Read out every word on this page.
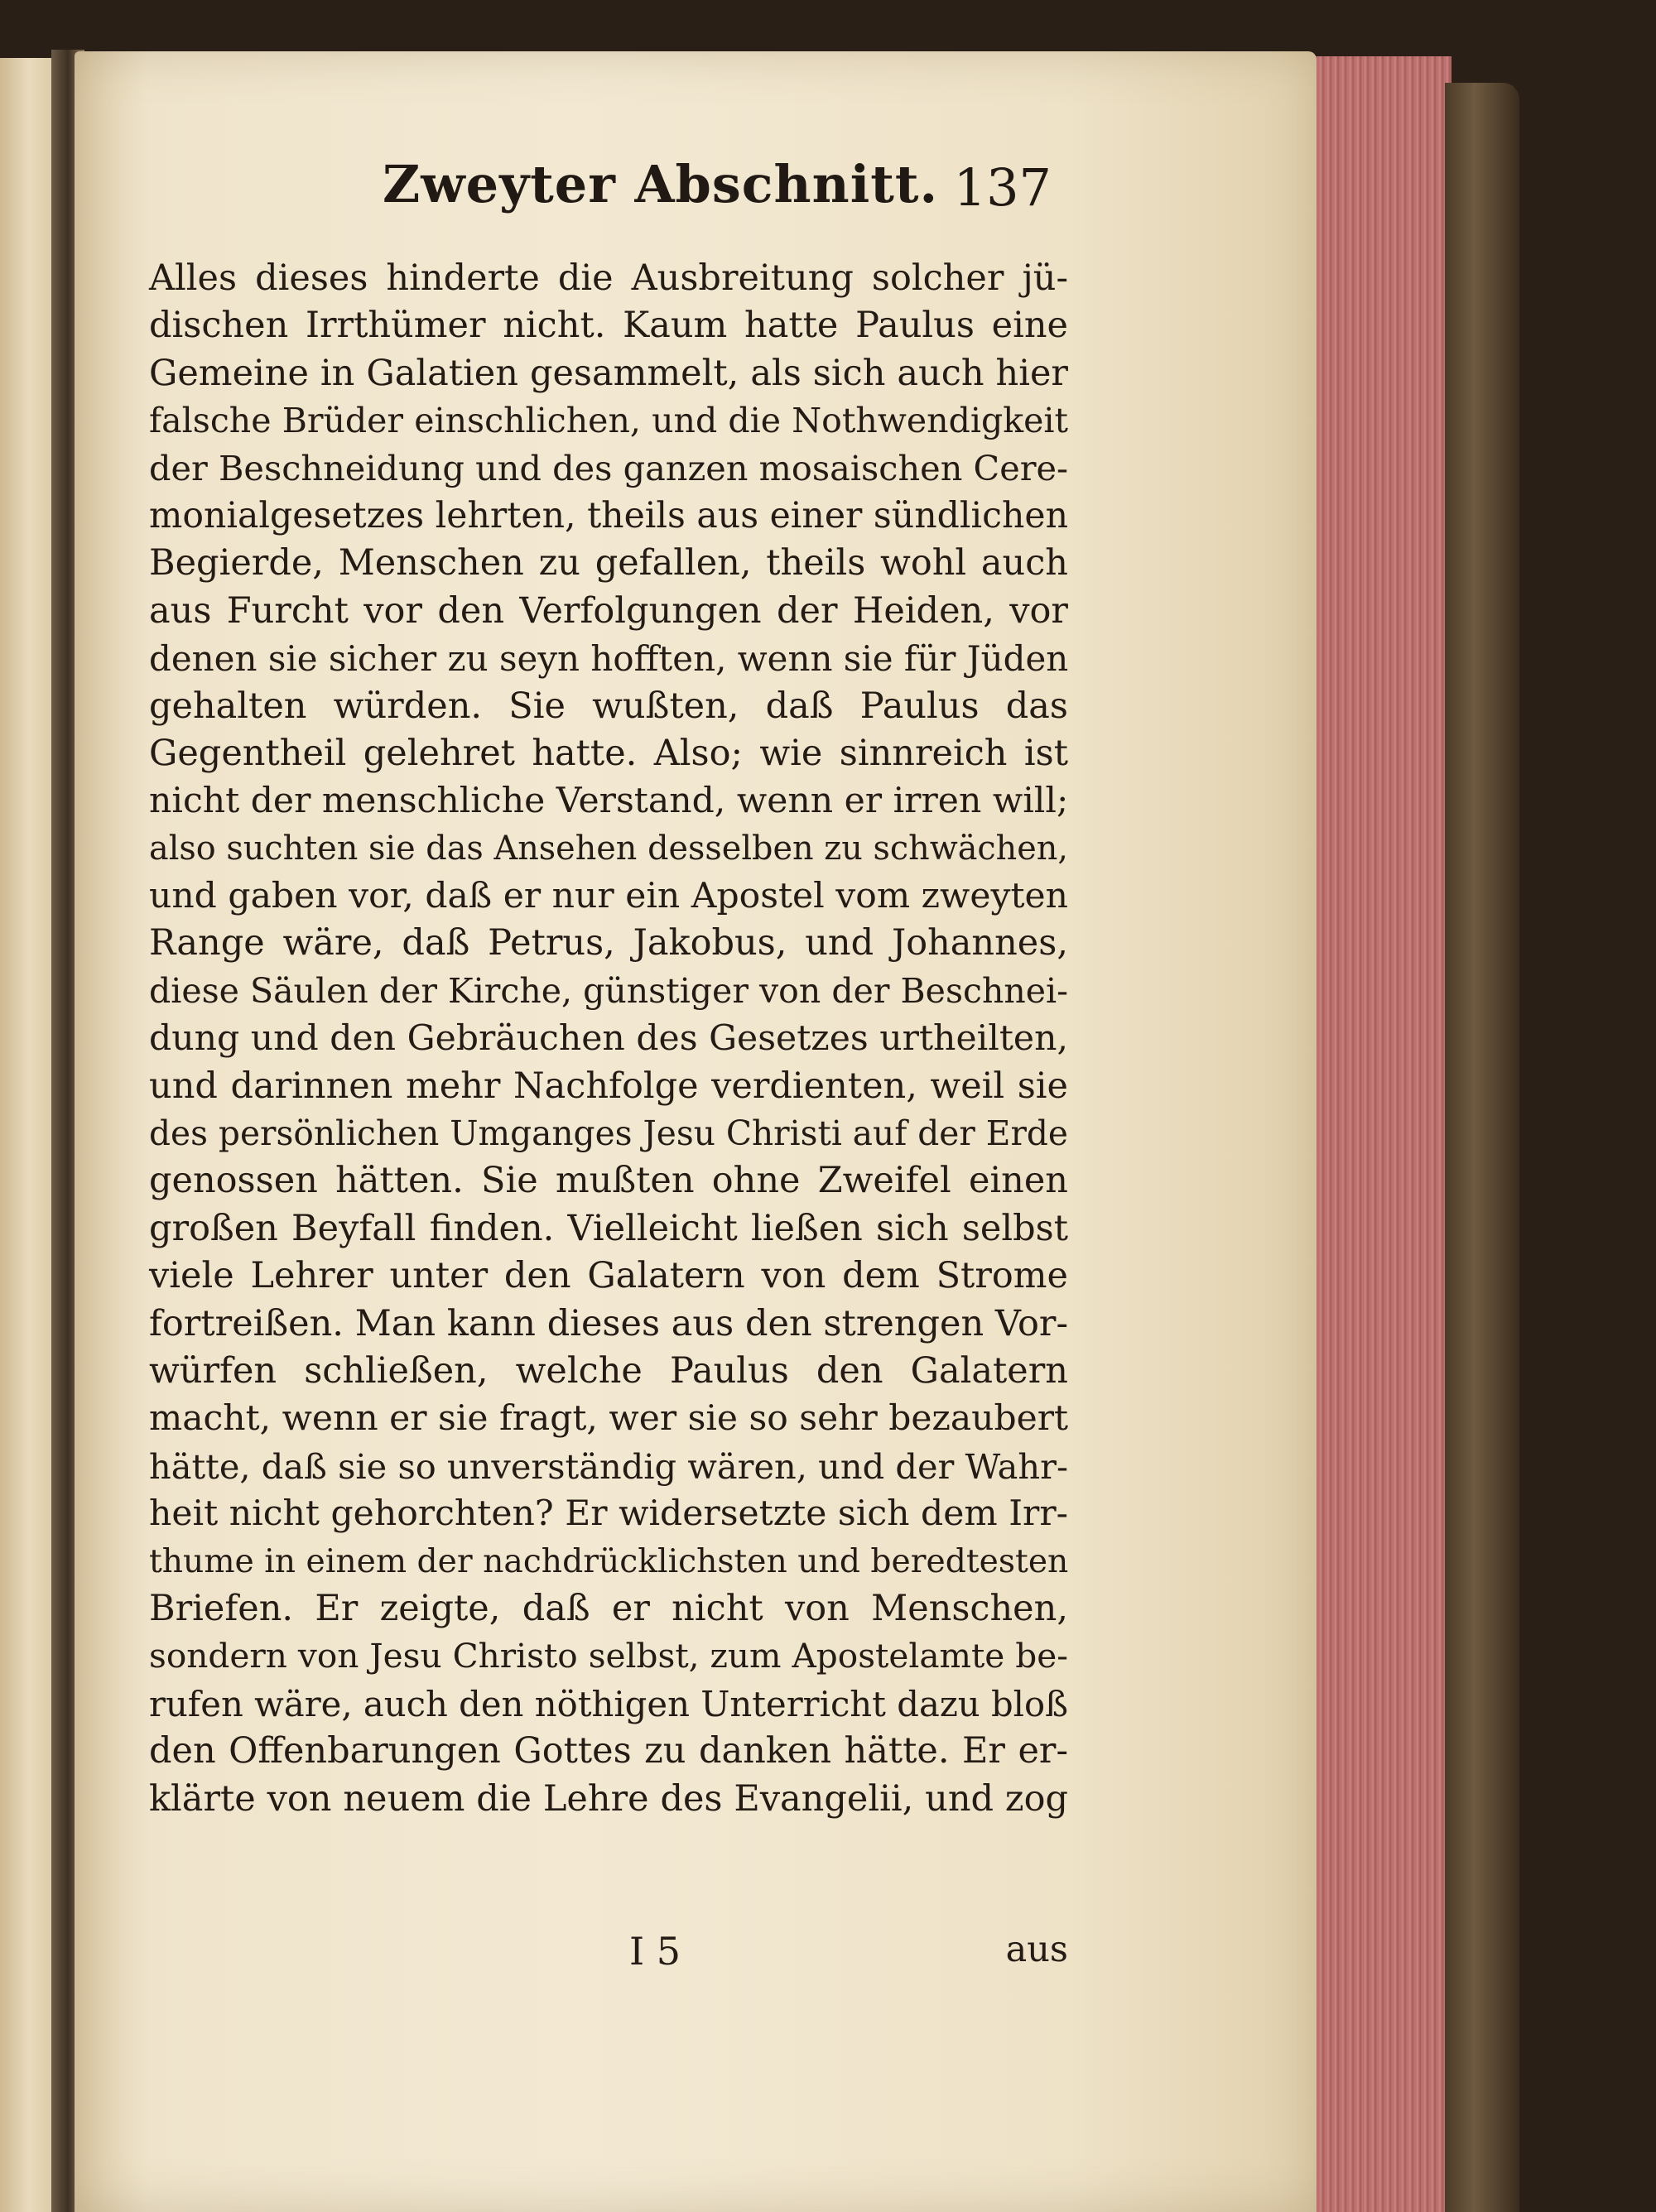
Zweyter Abschnitt. 137
Alles dieses hinderte die Ausbreitung solcher jü-
dischen Irrthümer nicht. Kaum hatte Paulus eine
Gemeine in Galatien gesammelt, als sich auch hier
falsche Brüder einschlichen, und die Nothwendigkeit
der Beschneidung und des ganzen mosaischen Cere-
monialgesetzes lehrten, theils aus einer sündlichen
Begierde, Menschen zu gefallen, theils wohl auch
aus Furcht vor den Verfolgungen der Heiden, vor
denen sie sicher zu seyn hofften, wenn sie für Jüden
gehalten würden. Sie wußten, daß Paulus das
Gegentheil gelehret hatte. Also; wie sinnreich ist
nicht der menschliche Verstand, wenn er irren will;
also suchten sie das Ansehen desselben zu schwächen,
und gaben vor, daß er nur ein Apostel vom zweyten
Range wäre, daß Petrus, Jakobus, und Johannes,
diese Säulen der Kirche, günstiger von der Beschnei-
dung und den Gebräuchen des Gesetzes urtheilten,
und darinnen mehr Nachfolge verdienten, weil sie
des persönlichen Umganges Jesu Christi auf der Erde
genossen hätten. Sie mußten ohne Zweifel einen
großen Beyfall finden. Vielleicht ließen sich selbst
viele Lehrer unter den Galatern von dem Strome
fortreißen. Man kann dieses aus den strengen Vor-
würfen schließen, welche Paulus den Galatern
macht, wenn er sie fragt, wer sie so sehr bezaubert
hätte, daß sie so unverständig wären, und der Wahr-
heit nicht gehorchten? Er widersetzte sich dem Irr-
thume in einem der nachdrücklichsten und beredtesten
Briefen. Er zeigte, daß er nicht von Menschen,
sondern von Jesu Christo selbst, zum Apostelamte be-
rufen wäre, auch den nöthigen Unterricht dazu bloß
den Offenbarungen Gottes zu danken hätte. Er er-
klärte von neuem die Lehre des Evangelii, und zog
I 5	aus
